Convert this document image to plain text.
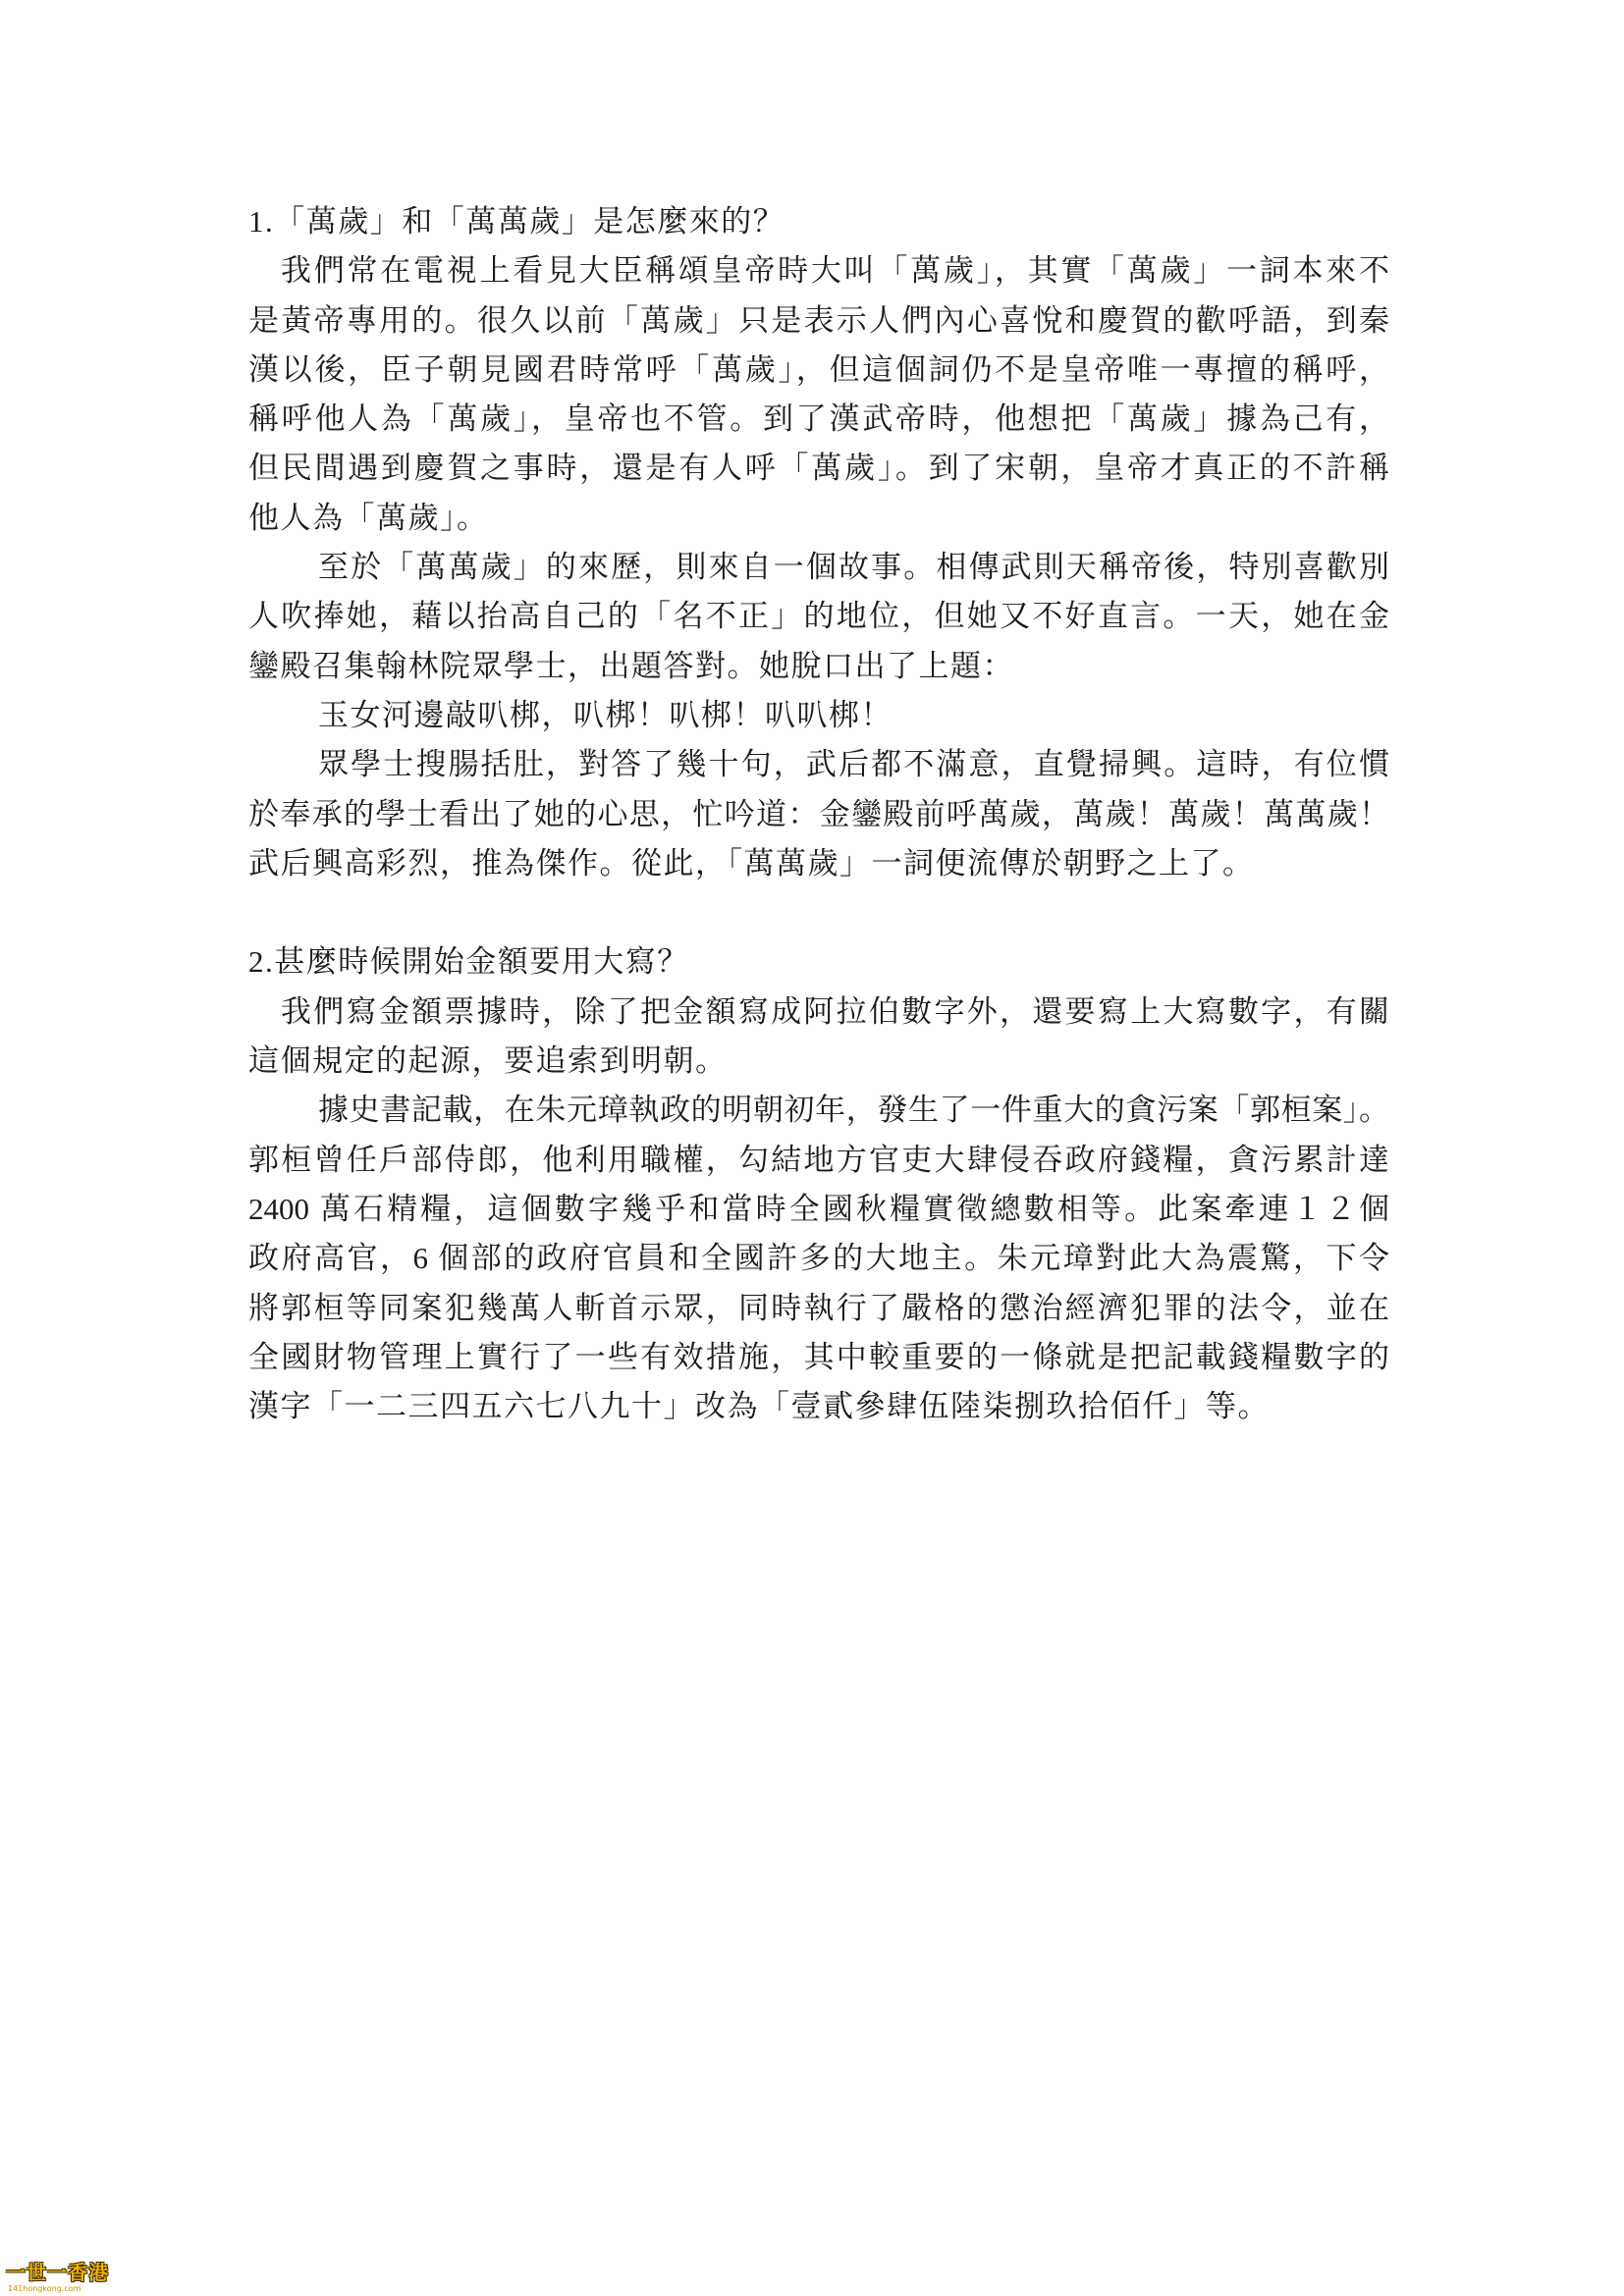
1.「萬歲」和「萬萬歲」是怎麼來的？
我們常在電視上看見大臣稱頌皇帝時大叫「萬歲」，其實「萬歲」一詞本來不
是黃帝專用的。很久以前「萬歲」只是表示人們內心喜悅和慶賀的歡呼語，到秦
漢以後，臣子朝見國君時常呼「萬歲」，但這個詞仍不是皇帝唯一專擅的稱呼，
稱呼他人為「萬歲」，皇帝也不管。到了漢武帝時，他想把「萬歲」據為己有，
但民間遇到慶賀之事時，還是有人呼「萬歲」。到了宋朝，皇帝才真正的不許稱
他人為「萬歲」。
至於「萬萬歲」的來歷，則來自一個故事。相傳武則天稱帝後，特別喜歡別
人吹捧她，藉以抬高自己的「名不正」的地位，但她又不好直言。一天，她在金
鑾殿召集翰林院眾學士，出題答對。她脫口出了上題：
玉女河邊敲叭梆，叭梆！叭梆！叭叭梆！
眾學士搜腸括肚，對答了幾十句，武后都不滿意，直覺掃興。這時，有位慣
於奉承的學士看出了她的心思，忙吟道：金鑾殿前呼萬歲，萬歲！萬歲！萬萬歲！
武后興高彩烈，推為傑作。從此，「萬萬歲」一詞便流傳於朝野之上了。
2.甚麼時候開始金額要用大寫？
我們寫金額票據時，除了把金額寫成阿拉伯數字外，還要寫上大寫數字，有關
這個規定的起源，要追索到明朝。
據史書記載，在朱元璋執政的明朝初年，發生了一件重大的貪污案「郭桓案」。
郭桓曾任戶部侍郎，他利用職權，勾結地方官吏大肆侵吞政府錢糧，貪污累計達
2400 萬石精糧，這個數字幾乎和當時全國秋糧實徵總數相等。此案牽連１２個
政府高官，6 個部的政府官員和全國許多的大地主。朱元璋對此大為震驚，下令
將郭桓等同案犯幾萬人斬首示眾，同時執行了嚴格的懲治經濟犯罪的法令，並在
全國財物管理上實行了一些有效措施，其中較重要的一條就是把記載錢糧數字的
漢字「一二三四五六七八九十」改為「壹貳參肆伍陸柒捌玖拾佰仟」等。
一世一香港
141hongkong.com
